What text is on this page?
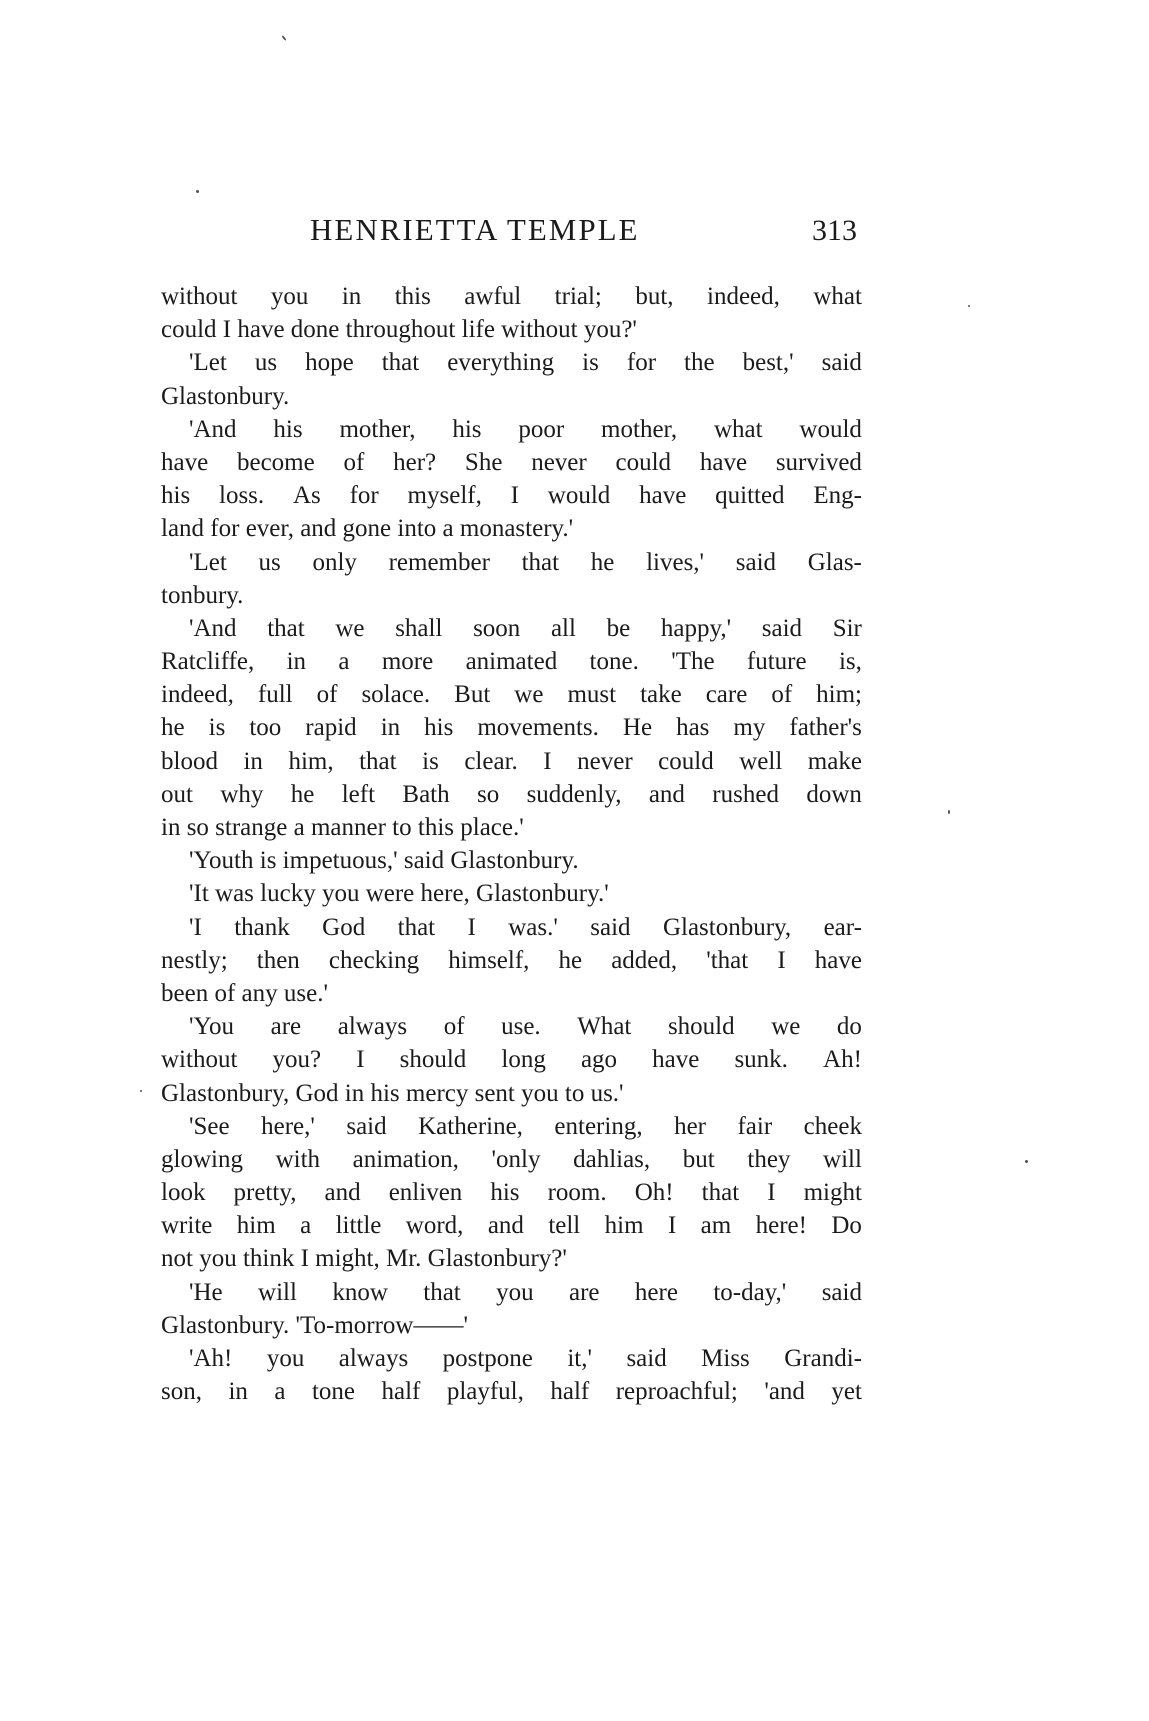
HENRIETTA TEMPLE	313
without you in this awful trial; but, indeed, what
could I have done throughout life without you?'
'Let us hope that everything is for the best,' said
Glastonbury.
'And his mother, his poor mother, what would
have become of her? She never could have survived
his loss. As for myself, I would have quitted Eng-
land for ever, and gone into a monastery.'
'Let us only remember that he lives,' said Glas-
tonbury.
'And that we shall soon all be happy,' said Sir
Ratcliffe, in a more animated tone. 'The future is,
indeed, full of solace. But we must take care of him;
he is too rapid in his movements. He has my father's
blood in him, that is clear. I never could well make
out why he left Bath so suddenly, and rushed down
in so strange a manner to this place.'
'Youth is impetuous,' said Glastonbury.
'It was lucky you were here, Glastonbury.'
'I thank God that I was.' said Glastonbury, ear-
nestly; then checking himself, he added, 'that I have
been of any use.'
'You are always of use. What should we do
without you? I should long ago have sunk. Ah!
Glastonbury, God in his mercy sent you to us.'
'See here,' said Katherine, entering, her fair cheek
glowing with animation, 'only dahlias, but they will
look pretty, and enliven his room. Oh! that I might
write him a little word, and tell him I am here! Do
not you think I might, Mr. Glastonbury?'
'He will know that you are here to-day,' said
Glastonbury. 'To-morrow——'
'Ah! you always postpone it,' said Miss Grandi-
son, in a tone half playful, half reproachful; 'and yet
